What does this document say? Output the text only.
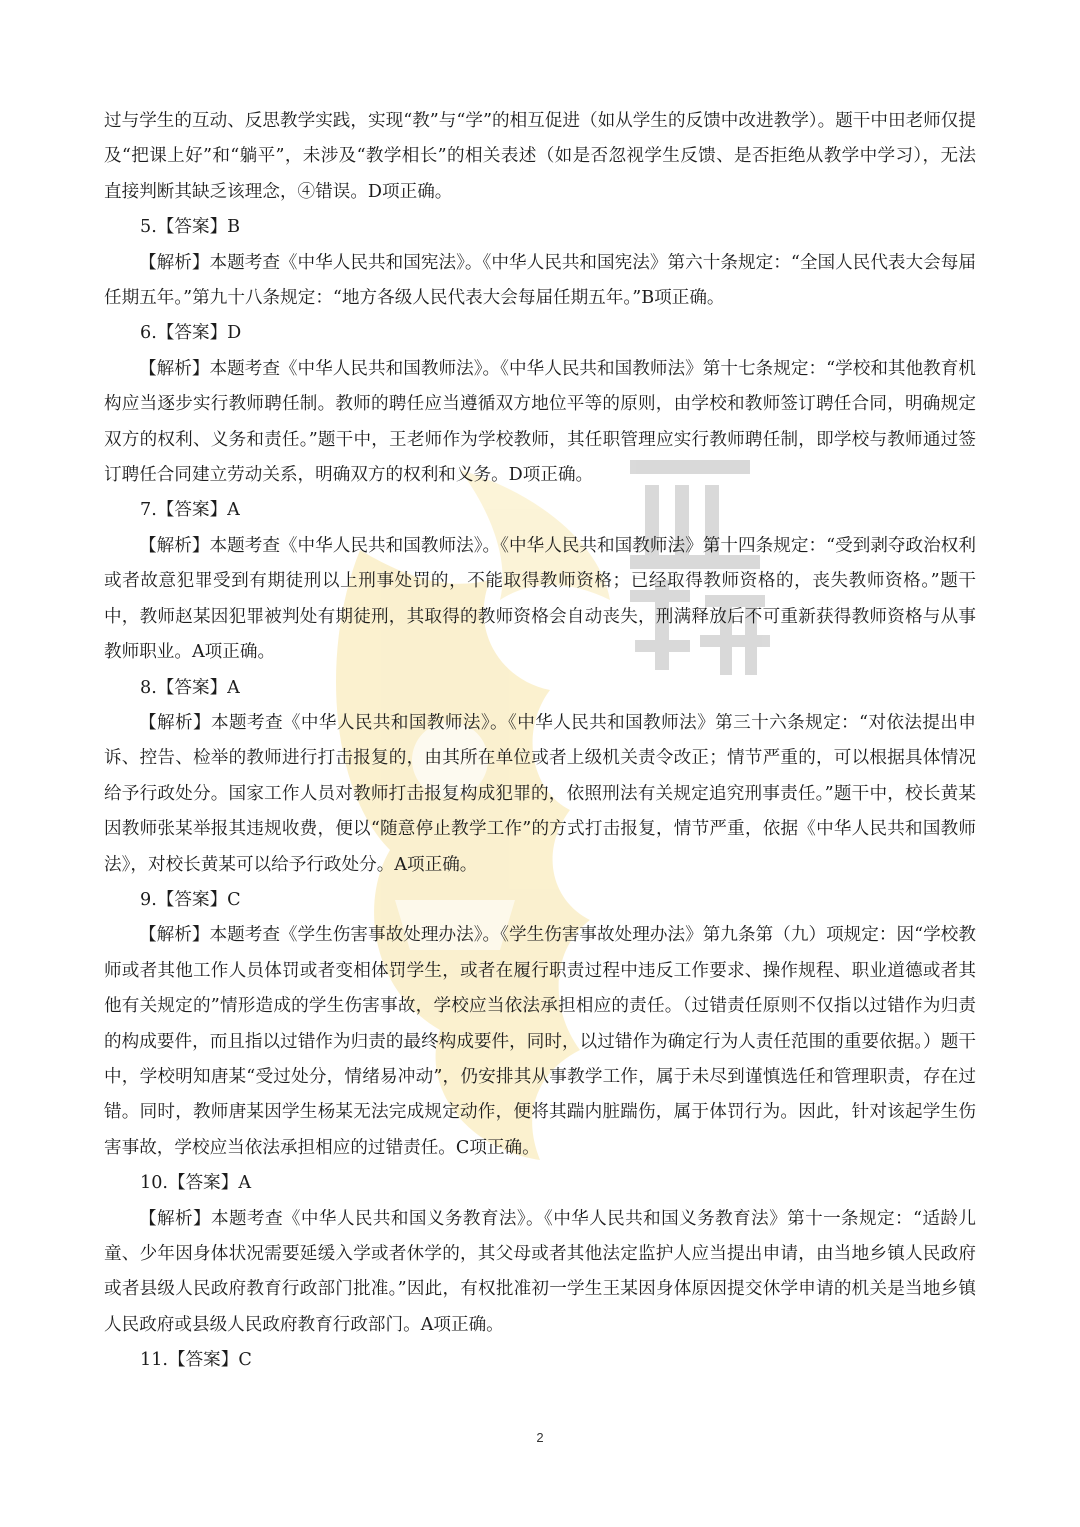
过与学生的互动、反思教学实践，实现“教”与“学”的相互促进（如从学生的反馈中改进教学）。题干中田老师仅提及“把课上好”和“躺平”，未涉及“教学相长”的相关表述（如是否忽视学生反馈、是否拒绝从教学中学习），无法直接判断其缺乏该理念，④错误。D项正确。

5.【答案】B

【解析】本题考查《中华人民共和国宪法》。《中华人民共和国宪法》第六十条规定：“全国人民代表大会每届任期五年。”第九十八条规定：“地方各级人民代表大会每届任期五年。”B项正确。

6.【答案】D

【解析】本题考查《中华人民共和国教师法》。《中华人民共和国教师法》第十七条规定：“学校和其他教育机构应当逐步实行教师聘任制。教师的聘任应当遵循双方地位平等的原则，由学校和教师签订聘任合同，明确规定双方的权利、义务和责任。”题干中，王老师作为学校教师，其任职管理应实行教师聘任制，即学校与教师通过签订聘任合同建立劳动关系，明确双方的权利和义务。D项正确。

7.【答案】A

【解析】本题考查《中华人民共和国教师法》。《中华人民共和国教师法》第十四条规定：“受到剥夺政治权利或者故意犯罪受到有期徒刑以上刑事处罚的，不能取得教师资格；已经取得教师资格的，丧失教师资格。”题干中，教师赵某因犯罪被判处有期徒刑，其取得的教师资格会自动丧失，刑满释放后不可重新获得教师资格与从事教师职业。A项正确。

8.【答案】A

【解析】本题考查《中华人民共和国教师法》。《中华人民共和国教师法》第三十六条规定：“对依法提出申诉、控告、检举的教师进行打击报复的，由其所在单位或者上级机关责令改正；情节严重的，可以根据具体情况给予行政处分。国家工作人员对教师打击报复构成犯罪的，依照刑法有关规定追究刑事责任。”题干中，校长黄某因教师张某举报其违规收费，便以“随意停止教学工作”的方式打击报复，情节严重，依据《中华人民共和国教师法》，对校长黄某可以给予行政处分。A项正确。

9.【答案】C

【解析】本题考查《学生伤害事故处理办法》。《学生伤害事故处理办法》第九条第（九）项规定：因“学校教师或者其他工作人员体罚或者变相体罚学生，或者在履行职责过程中违反工作要求、操作规程、职业道德或者其他有关规定的”情形造成的学生伤害事故，学校应当依法承担相应的责任。（过错责任原则不仅指以过错作为归责的构成要件，而且指以过错作为归责的最终构成要件，同时，以过错作为确定行为人责任范围的重要依据。）题干中，学校明知唐某“受过处分，情绪易冲动”，仍安排其从事教学工作，属于未尽到谨慎选任和管理职责，存在过错。同时，教师唐某因学生杨某无法完成规定动作，便将其踹内脏踹伤，属于体罚行为。因此，针对该起学生伤害事故，学校应当依法承担相应的过错责任。C项正确。

10.【答案】A

【解析】本题考查《中华人民共和国义务教育法》。《中华人民共和国义务教育法》第十一条规定：“适龄儿童、少年因身体状况需要延缓入学或者休学的，其父母或者其他法定监护人应当提出申请，由当地乡镇人民政府或者县级人民政府教育行政部门批准。”因此，有权批准初一学生王某因身体原因提交休学申请的机关是当地乡镇人民政府或县级人民政府教育行政部门。A项正确。

11.【答案】C

2
